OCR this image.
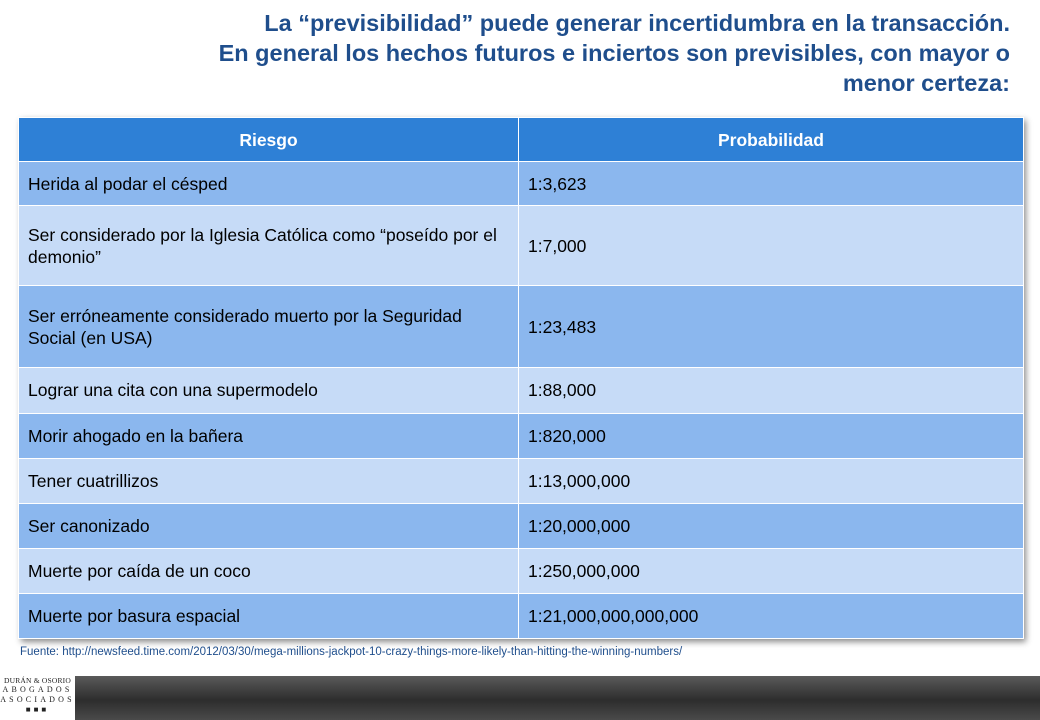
La “previsibilidad” puede generar incertidumbra en la transacción.
En general los hechos futuros e inciertos son previsibles, con mayor o
menor certeza:
Riesgo	Probabilidad
Herida al podar el césped	1:3,623
Ser considerado por la Iglesia Católica como “poseído por el demonio”	1:7,000
Ser erróneamente considerado muerto por la Seguridad Social (en USA)	1:23,483
Lograr una cita con una supermodelo	1:88,000
Morir ahogado en la bañera	1:820,000
Tener cuatrillizos	1:13,000,000
Ser canonizado	1:20,000,000
Muerte por caída de un coco	1:250,000,000
Muerte por basura espacial	1:21,000,000,000,000
Fuente: http://newsfeed.time.com/2012/03/30/mega-millions-jackpot-10-crazy-things-more-likely-than-hitting-the-winning-numbers/
DURÁN & OSORIO
ABOGADOS
ASOCIADOS
■■■
